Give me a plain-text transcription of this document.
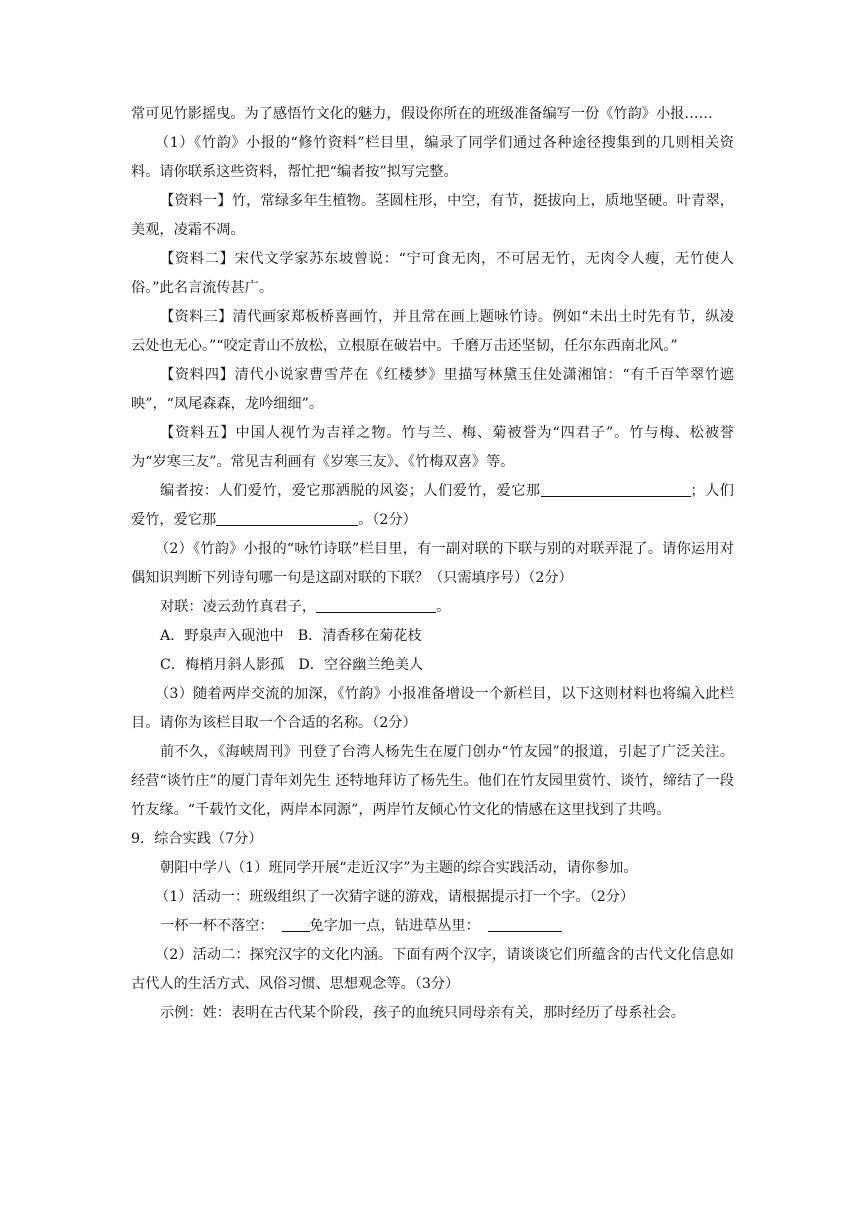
常可见竹影摇曳。为了感悟竹文化的魅力，假设你所在的班级准备编写一份《竹韵》小报……

（1）《竹韵》小报的“修竹资料”栏目里，编录了同学们通过各种途径搜集到的几则相关资料。请你联系这些资料，帮忙把“编者按”拟写完整。

【资料一】竹，常绿多年生植物。茎圆柱形，中空，有节，挺拔向上，质地坚硬。叶青翠，美观，凌霜不凋。

【资料二】宋代文学家苏东坡曾说：“宁可食无肉，不可居无竹，无肉令人瘦，无竹使人俗。”此名言流传甚广。

【资料三】清代画家郑板桥喜画竹，并且常在画上题咏竹诗。例如“未出土时先有节，纵凌云处也无心。”“咬定青山不放松，立根原在破岩中。千磨万击还坚韧，任尔东西南北风。”

【资料四】清代小说家曹雪芹在《红楼梦》里描写林黛玉住处潇湘馆：“有千百竿翠竹遮映”，“凤尾森森，龙吟细细”。

【资料五】中国人视竹为吉祥之物。竹与兰、梅、菊被誉为“四君子”。竹与梅、松被誉为“岁寒三友”。常见吉利画有《岁寒三友》、《竹梅双喜》等。

编者按：人们爱竹，爱它那洒脱的风姿；人们爱竹，爱它那	；人们爱竹，爱它那	。（2分）

（2）《竹韵》小报的“咏竹诗联”栏目里，有一副对联的下联与别的对联弄混了。请你运用对偶知识判断下列诗句哪一句是这副对联的下联？（只需填序号）（2分）

对联：凌云劲竹真君子，	。

A．野泉声入砚池中 B．清香移在菊花枝

C．梅梢月斜人影孤 D．空谷幽兰绝美人

（3）随着两岸交流的加深，《竹韵》小报准备增设一个新栏目，以下这则材料也将编入此栏目。请你为该栏目取一个合适的名称。（2分）

前不久，《海峡周刊》刊登了台湾人杨先生在厦门创办“竹友园”的报道，引起了广泛关注。经营“谈竹庄”的厦门青年刘先生 还特地拜访了杨先生。他们在竹友园里赏竹、谈竹，缔结了一段竹友缘。“千载竹文化，两岸本同源”，两岸竹友倾心竹文化的情感在这里找到了共鸣。

9．综合实践（7分）

朝阳中学八（1）班同学开展“走近汉字”为主题的综合实践活动，请你参加。

（1）活动一：班级组织了一次猜字谜的游戏，请根据提示打一个字。（2分）

一杯一杯不落空：	免字加一点，钻进草丛里：

（2）活动二：探究汉字的文化内涵。下面有两个汉字，请谈谈它们所蕴含的古代文化信息如古代人的生活方式、风俗习惯、思想观念等。（3分）

示例：姓：表明在古代某个阶段，孩子的血统只同母亲有关，那时经历了母系社会。
